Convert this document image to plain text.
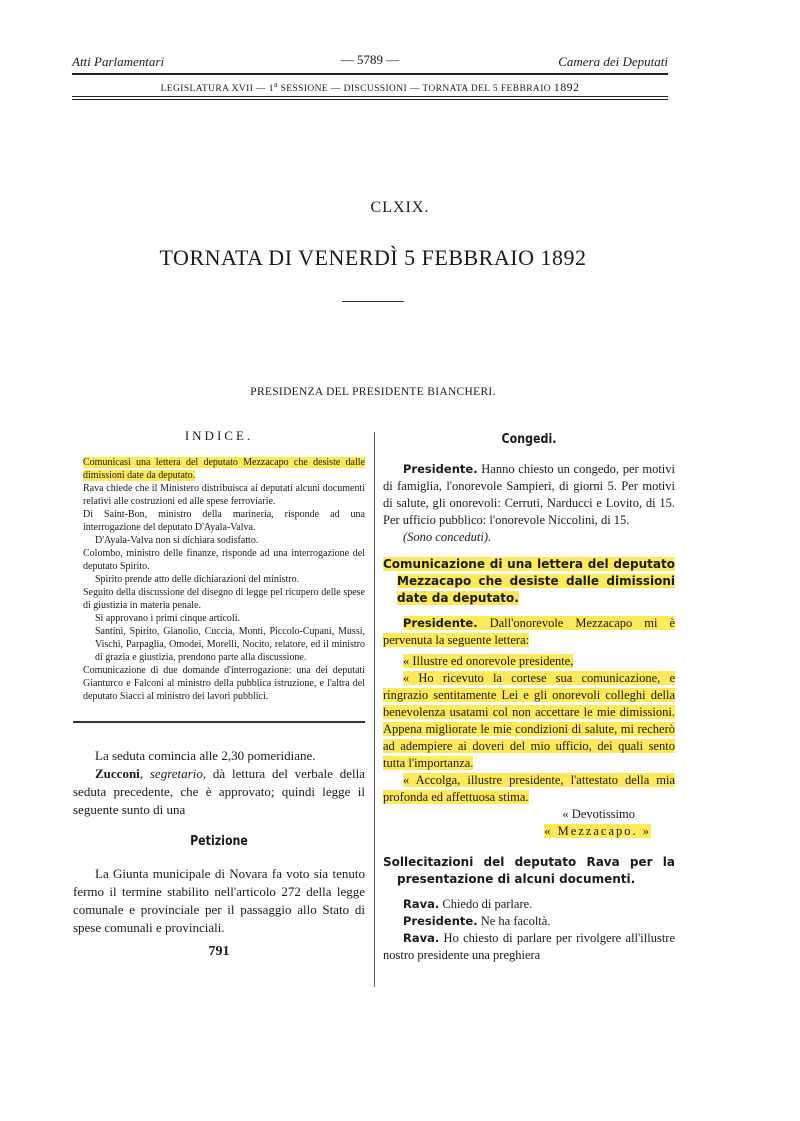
Atti Parlamentari	— 5789 —	Camera dei Deputati
LEGISLATURA XVII — 1$^a$ SESSIONE — DISCUSSIONI — TORNATA DEL 5 FEBBRAIO 1892
CLXIX.
TORNATA DI VENERDÌ 5 FEBBRAIO 1892
PRESIDENZA DEL PRESIDENTE BIANCHERI.
INDICE.

Comunicasi una lettera del deputato Mezzacapo che desiste dalle dimissioni date da deputato.

Rava chiede che il Ministero distribuisca ai deputati alcuni documenti relativi alle costruzioni ed alle spese ferroviarie.

Di Saint-Bon, ministro della marineria, risponde ad una interrogazione del deputato D'Ayala-Valva.

D'Ayala-Valva non si dichiara sodisfatto.

Colombo, ministro delle finanze, risponde ad una interrogazione del deputato Spirito.

Spirito prende atto delle dichiarazioni del ministro.

Seguito della discussione del disegno di legge pel ricupero delle spese di giustizia in materia penale.

Si approvano i primi cinque articoli.

Santini, Spirito, Gianolio, Cuccia, Monti, Piccolo-Cupani, Mussi, Vischi, Parpaglia, Omodei, Morelli, Nocito, relatore, ed il ministro di grazia e giustizia, prendono parte alla discussione.

Comunicazione di due domande d'interrogazione: una dei deputati Gianturco e Falconi al ministro della pubblica istruzione, e l'altra del deputato Siacci al ministro dei lavori pubblici.

La seduta comincia alle 2,30 pomeridiane.
Zucconi, segretario, dà lettura del verbale della seduta precedente, che è approvato; quindi legge il seguente sunto di una
Petizione
La Giunta municipale di Novara fa voto sia tenuto fermo il termine stabilito nell'articolo 272 della legge comunale e provinciale per il passaggio allo Stato di spese comunali e provinciali.
791
Congedi.

Presidente. Hanno chiesto un congedo, per motivi di famiglia, l'onorevole Sampieri, di giorni 5. Per motivi di salute, gli onorevoli: Cerruti, Narducci e Lovito, di 15. Per ufficio pubblico: l'onorevole Niccolini, di 15.

(Sono conceduti).

Comunicazione di una lettera del deputato Mezzacapo che desiste dalle dimissioni date da deputato.

Presidente. Dall'onorevole Mezzacapo mi è pervenuta la seguente lettera:

« Illustre ed onorevole presidente,

« Ho ricevuto la cortese sua comunicazione, e ringrazio sentitamente Lei e gli onorevoli colleghi della benevolenza usatami col non accettare le mie dimissioni. Appena migliorate le mie condizioni di salute, mi recherò ad adempiere ai doveri del mio ufficio, dei quali sento tutta l'importanza.

« Accolga, illustre presidente, l'attestato della mia profonda ed affettuosa stima.

« Devotissimo

« Mezzacapo. »

Sollecitazioni del deputato Rava per la presentazione di alcuni documenti.

Rava. Chiedo di parlare.

Presidente. Ne ha facoltà.

Rava. Ho chiesto di parlare per rivolgere all'illustre nostro presidente una preghiera
